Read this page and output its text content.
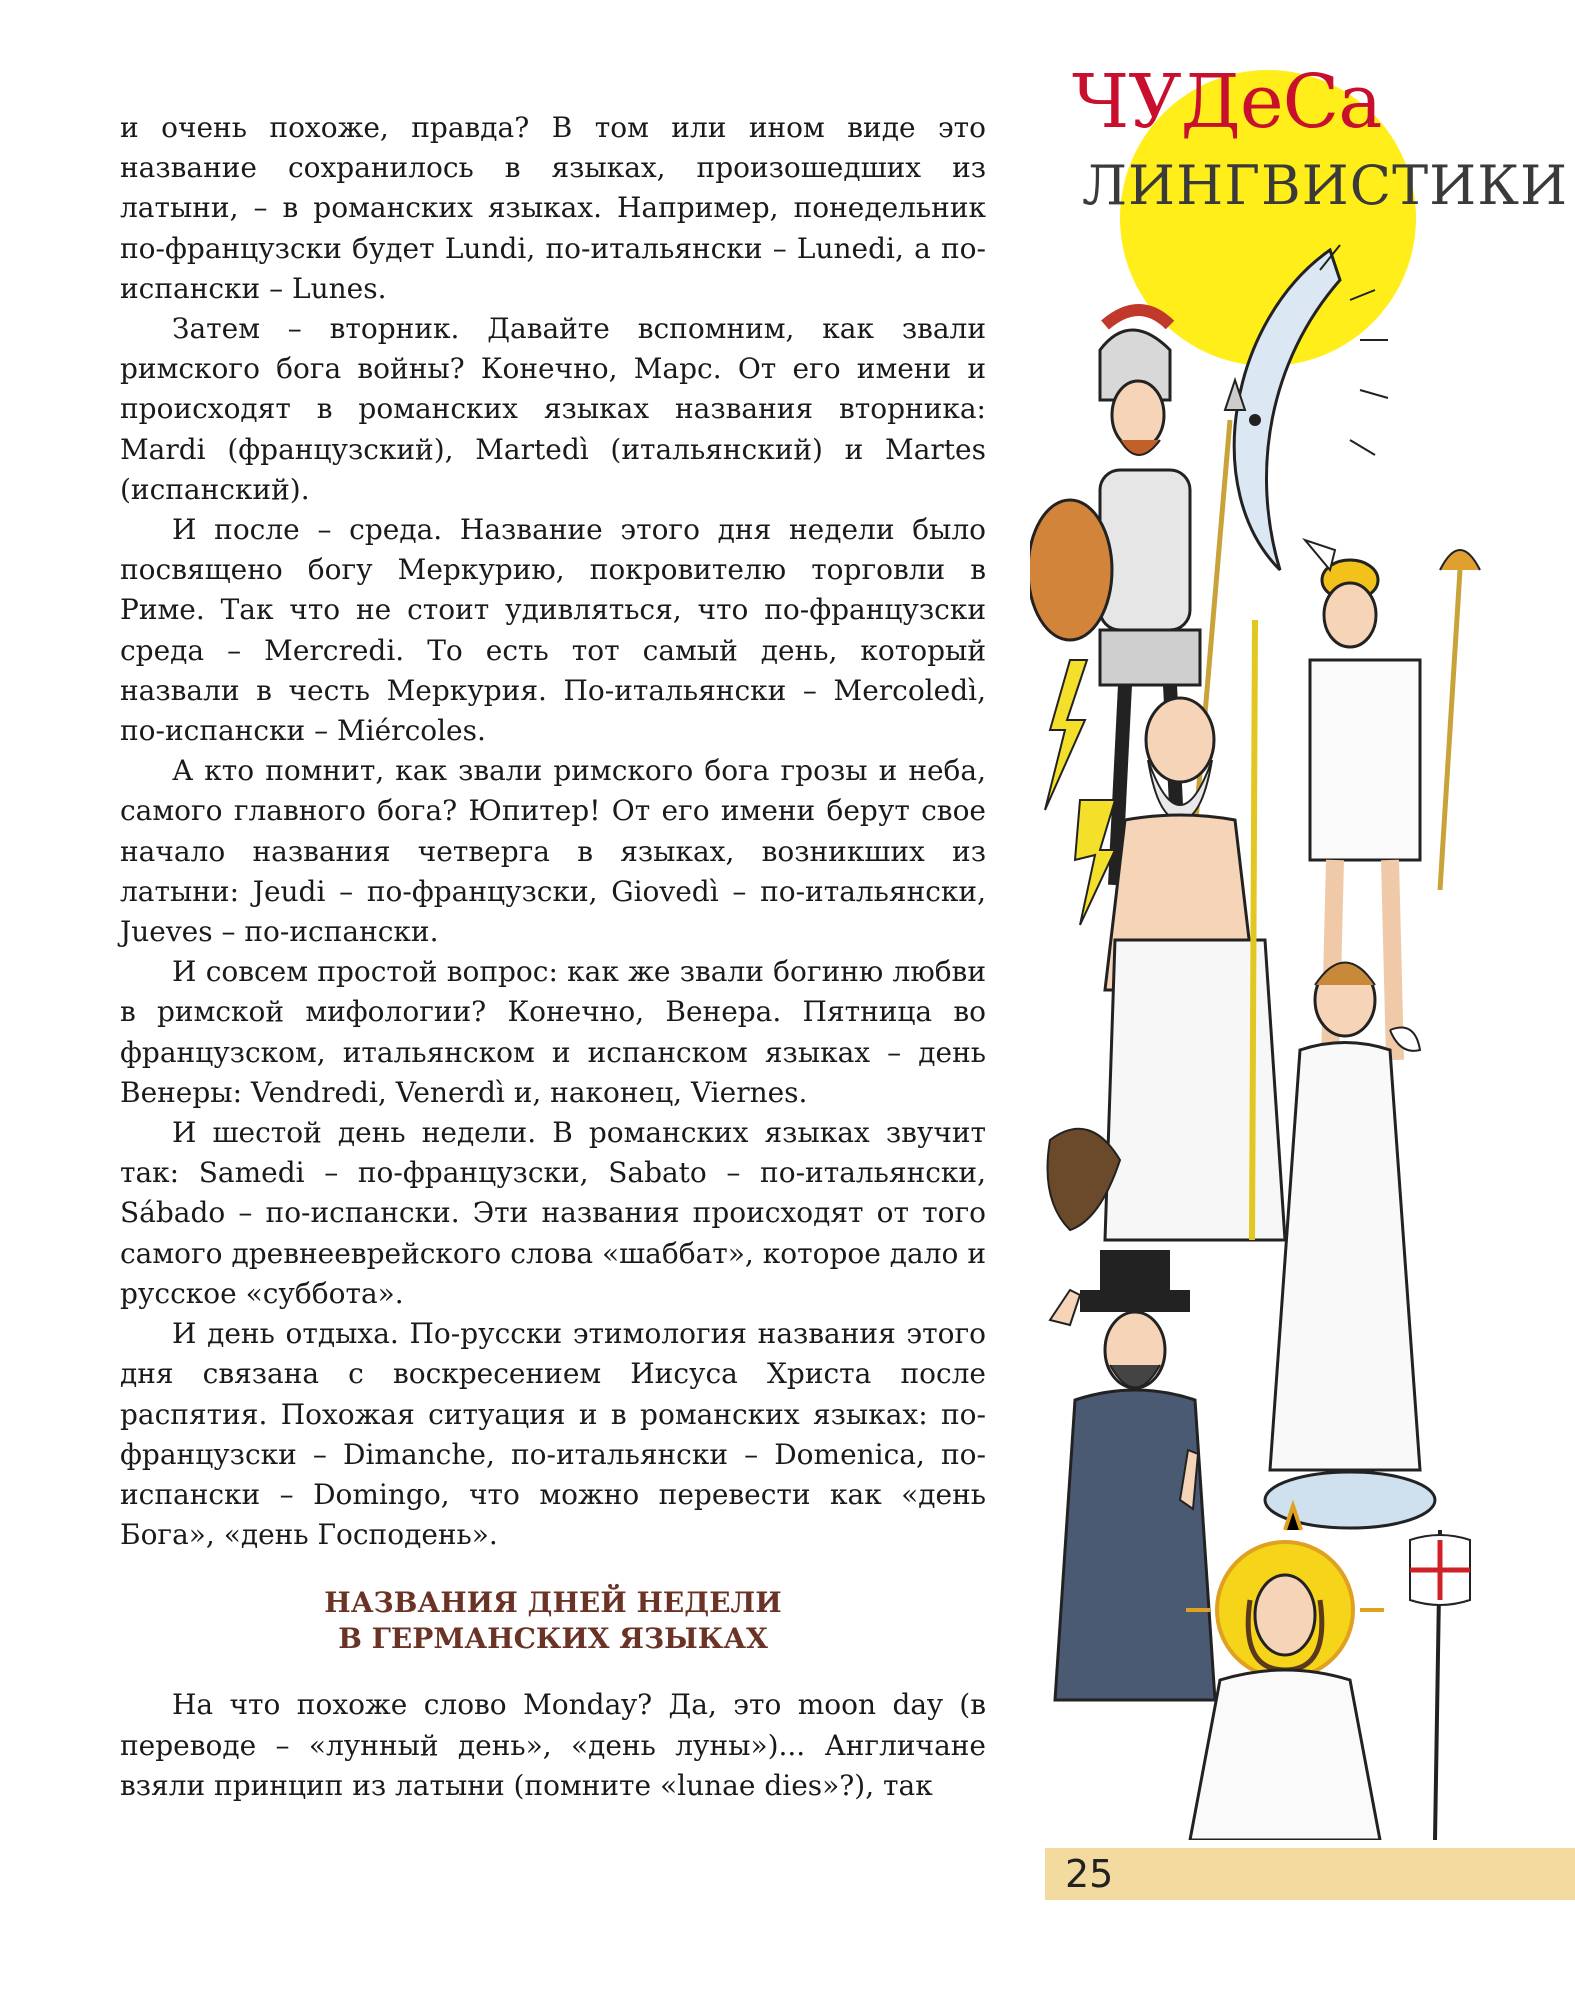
ЧУДеСа
ЛИНГВИСТИКИ

и очень похоже, правда? В том или ином виде это название сохранилось в языках, произошедших из латыни, – в романских языках. Например, понедельник по-французски будет Lundi, по-итальянски – Lunedi, а по-испански – Lunes.

Затем – вторник. Давайте вспомним, как звали римского бога войны? Конечно, Марс. От его имени и происходят в романских языках названия вторника: Mardi (французский), Martedì (итальянский) и Martes (испанский).

И после – среда. Название этого дня недели было посвящено богу Меркурию, покровителю торговли в Риме. Так что не стоит удивляться, что по-французски среда – Mercredi. То есть тот самый день, который назвали в честь Меркурия. По-итальянски – Mercoledì, по-испански – Miércoles.

А кто помнит, как звали римского бога грозы и неба, самого главного бога? Юпитер! От его имени берут свое начало названия четверга в языках, возникших из латыни: Jeudi – по-французски, Giovedì – по-итальянски, Jueves – по-испански.

И совсем простой вопрос: как же звали богиню любви в римской мифологии? Конечно, Венера. Пятница во французском, итальянском и испанском языках – день Венеры: Vendredi, Venerdì и, наконец, Viernes.

И шестой день недели. В романских языках звучит так: Samedi – по-французски, Sabato – по-итальянски, Sábado – по-испански. Эти названия происходят от того самого древнееврейского слова «шаббат», которое дало и русское «суббота».

И день отдыха. По-русски этимология названия этого дня связана с воскресением Иисуса Христа после распятия. Похожая ситуация и в романских языках: по-французски – Dimanche, по-итальянски – Domenica, по-испански – Domingo, что можно перевести как «день Бога», «день Господень».

НАЗВАНИЯ ДНЕЙ НЕДЕЛИ
В ГЕРМАНСКИХ ЯЗЫКАХ

На что похоже слово Monday? Да, это moon day (в переводе – «лунный день», «день луны»)... Англичане взяли принцип из латыни (помните «lunae dies»?), так

25
